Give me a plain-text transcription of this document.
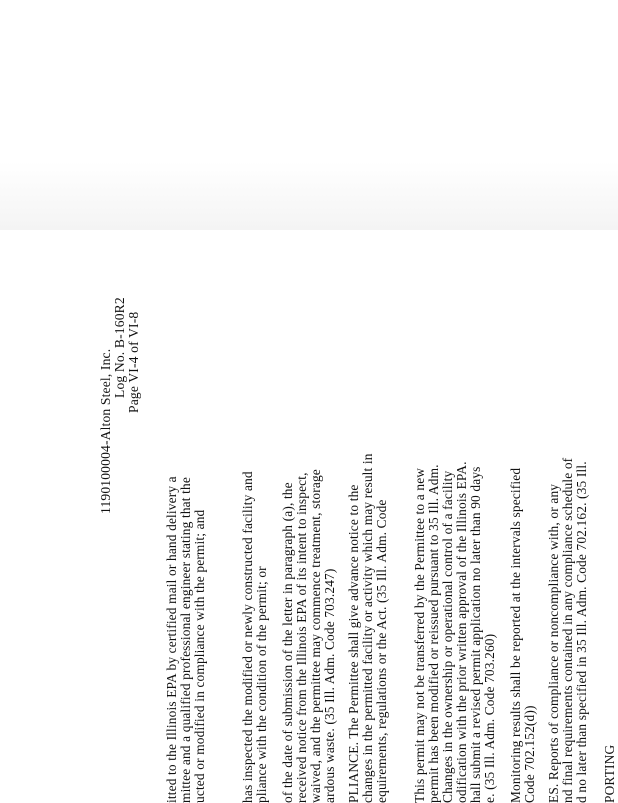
1190100004-Alton Steel, Inc.
Log No. B-160R2 Page VI-4 of VI-8
itted to the Illinois EPA by certified mail or hand delivery a mittee and a qualified professional engineer stating that the ucted or modified in compliance with the permit; and has inspected the modified or newly constructed facility and pliance with the condition of the permit; or of the date of submission of the letter in paragraph (a), the received notice from the Illinois EPA of its intent to inspect, waived, and the permittee may commence treatment, storage ardous waste. (35 Ill. Adm. Code 703.247) PLIANCE. The Permittee shall give advance notice to the changes in the permitted facility or activity which may result in equirements, regulations or the Act. (35 Ill. Adm. Code This permit may not be transferred by the Permittee to a new permit has been modified or reissued pursuant to 35 Ill. Adm. Changes in the ownership or operational control of a facility odification with the prior written approval of the Illinois EPA. hall submit a revised permit application no later than 90 days e. (35 Ill. Adm. Code 703.260) Monitoring results shall be reported at the intervals specified Code 702.152(d)) ES. Reports of compliance or noncompliance with, or any nd final requirements contained in any compliance schedule of d no later than specified in 35 Ill. Adm. Code 702.162. (35 Ill. PORTING
